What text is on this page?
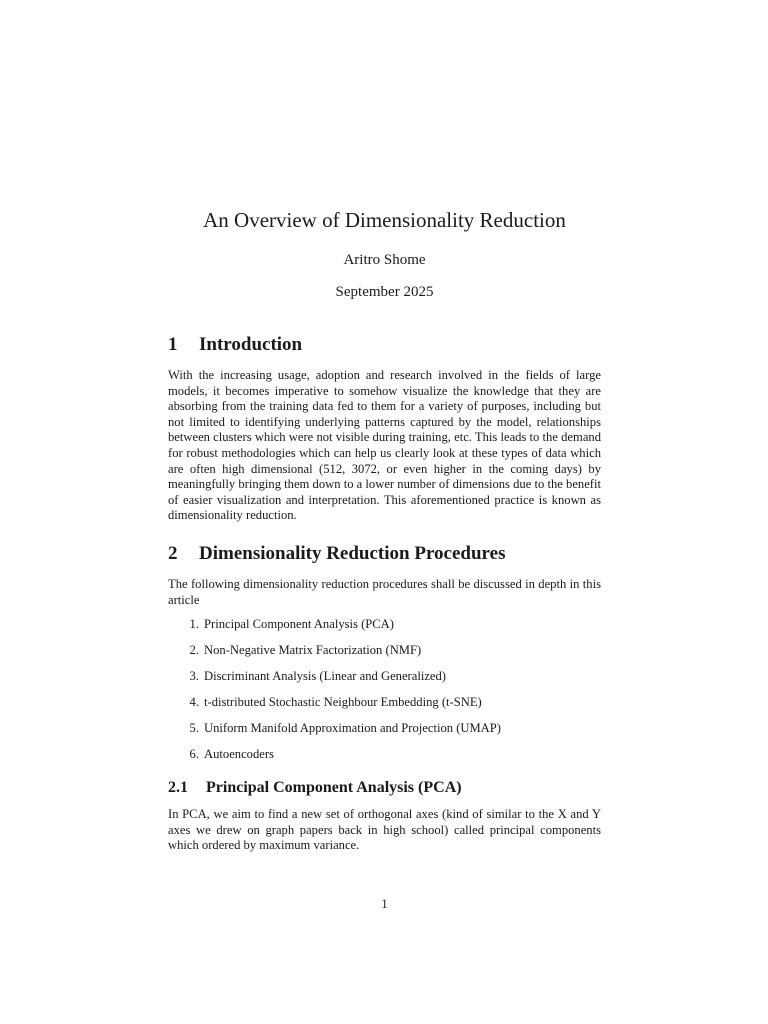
An Overview of Dimensionality Reduction

Aritro Shome

September 2025

1 Introduction

With the increasing usage, adoption and research involved in the fields of large models, it becomes imperative to somehow visualize the knowledge that they are absorbing from the training data fed to them for a variety of purposes, including but not limited to identifying underlying patterns captured by the model, relationships between clusters which were not visible during training, etc. This leads to the demand for robust methodologies which can help us clearly look at these types of data which are often high dimensional (512, 3072, or even higher in the coming days) by meaningfully bringing them down to a lower number of dimensions due to the benefit of easier visualization and interpretation. This aforementioned practice is known as dimensionality reduction.

2 Dimensionality Reduction Procedures

The following dimensionality reduction procedures shall be discussed in depth in this article

1. Principal Component Analysis (PCA)
2. Non-Negative Matrix Factorization (NMF)
3. Discriminant Analysis (Linear and Generalized)
4. t-distributed Stochastic Neighbour Embedding (t-SNE)
5. Uniform Manifold Approximation and Projection (UMAP)
6. Autoencoders
2.1 Principal Component Analysis (PCA)

In PCA, we aim to find a new set of orthogonal axes (kind of similar to the X and Y axes we drew on graph papers back in high school) called principal components which ordered by maximum variance.

1
